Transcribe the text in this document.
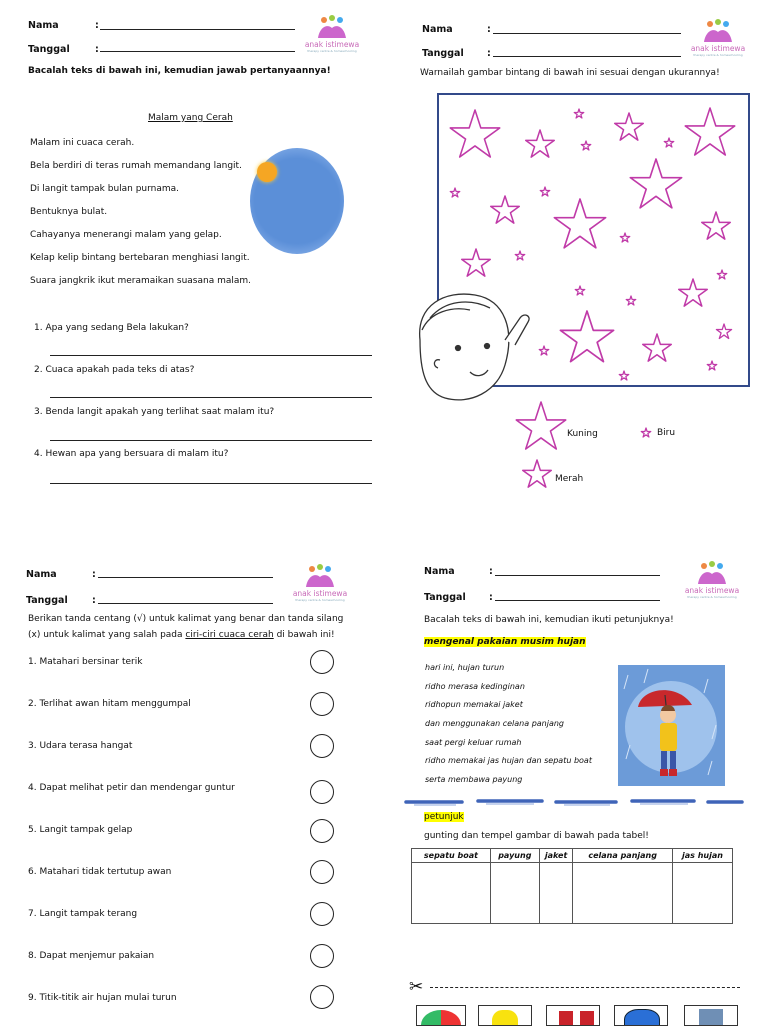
Nama	:
Tanggal	:	anak istimewa
therapy centre & homeschooling
Bacalah teks di bawah ini, kemudian jawab pertanyaannya!
Malam yang Cerah
Malam ini cuaca cerah.
Bela berdiri di teras rumah memandang langit.
Di langit tampak bulan purnama.
Bentuknya bulat.
Cahayanya menerangi malam yang gelap.
Kelap kelip bintang bertebaran menghiasi langit.
Suara jangkrik ikut meramaikan suasana malam.
1. Apa yang sedang Bela lakukan?
2. Cuaca apakah pada teks di atas?
3. Benda langit apakah yang terlihat saat malam itu?
4. Hewan apa yang bersuara di malam itu?
Nama	:
Tanggal :	anak istimewa
therapy centre & homeschooling
Warnailah gambar bintang di bawah ini sesuai dengan ukurannya!
Kuning	Biru
Merah
Nama	:
Tanggal	:
anak istimewa
therapy centre & homeschooling
Berikan tanda centang (√) untuk kalimat yang benar dan tanda silang
(x) untuk kalimat yang salah pada ciri-ciri cuaca cerah di bawah ini!
1. Matahari bersinar terik
2. Terlihat awan hitam menggumpal
3. Udara terasa hangat
4. Dapat melihat petir dan mendengar guntur
5. Langit tampak gelap
6. Matahari tidak tertutup awan
7. Langit tampak terang
8. Dapat menjemur pakaian
9. Titik-titik air hujan mulai turun
Nama	:
Tanggal :
anak istimewa
therapy centre & homeschooling
Bacalah teks di bawah ini, kemudian ikuti petunjuknya!
mengenal pakaian musim hujan
hari ini, hujan turun
ridho merasa kedinginan
ridhopun memakai jaket
dan menggunakan celana panjang
saat pergi keluar rumah
ridho memakai jas hujan dan sepatu boat
serta membawa payung
petunjuk
gunting dan tempel gambar di bawah pada tabel!
sepatu boat	payung	jaket	celana panjang	jas hujan

✂
